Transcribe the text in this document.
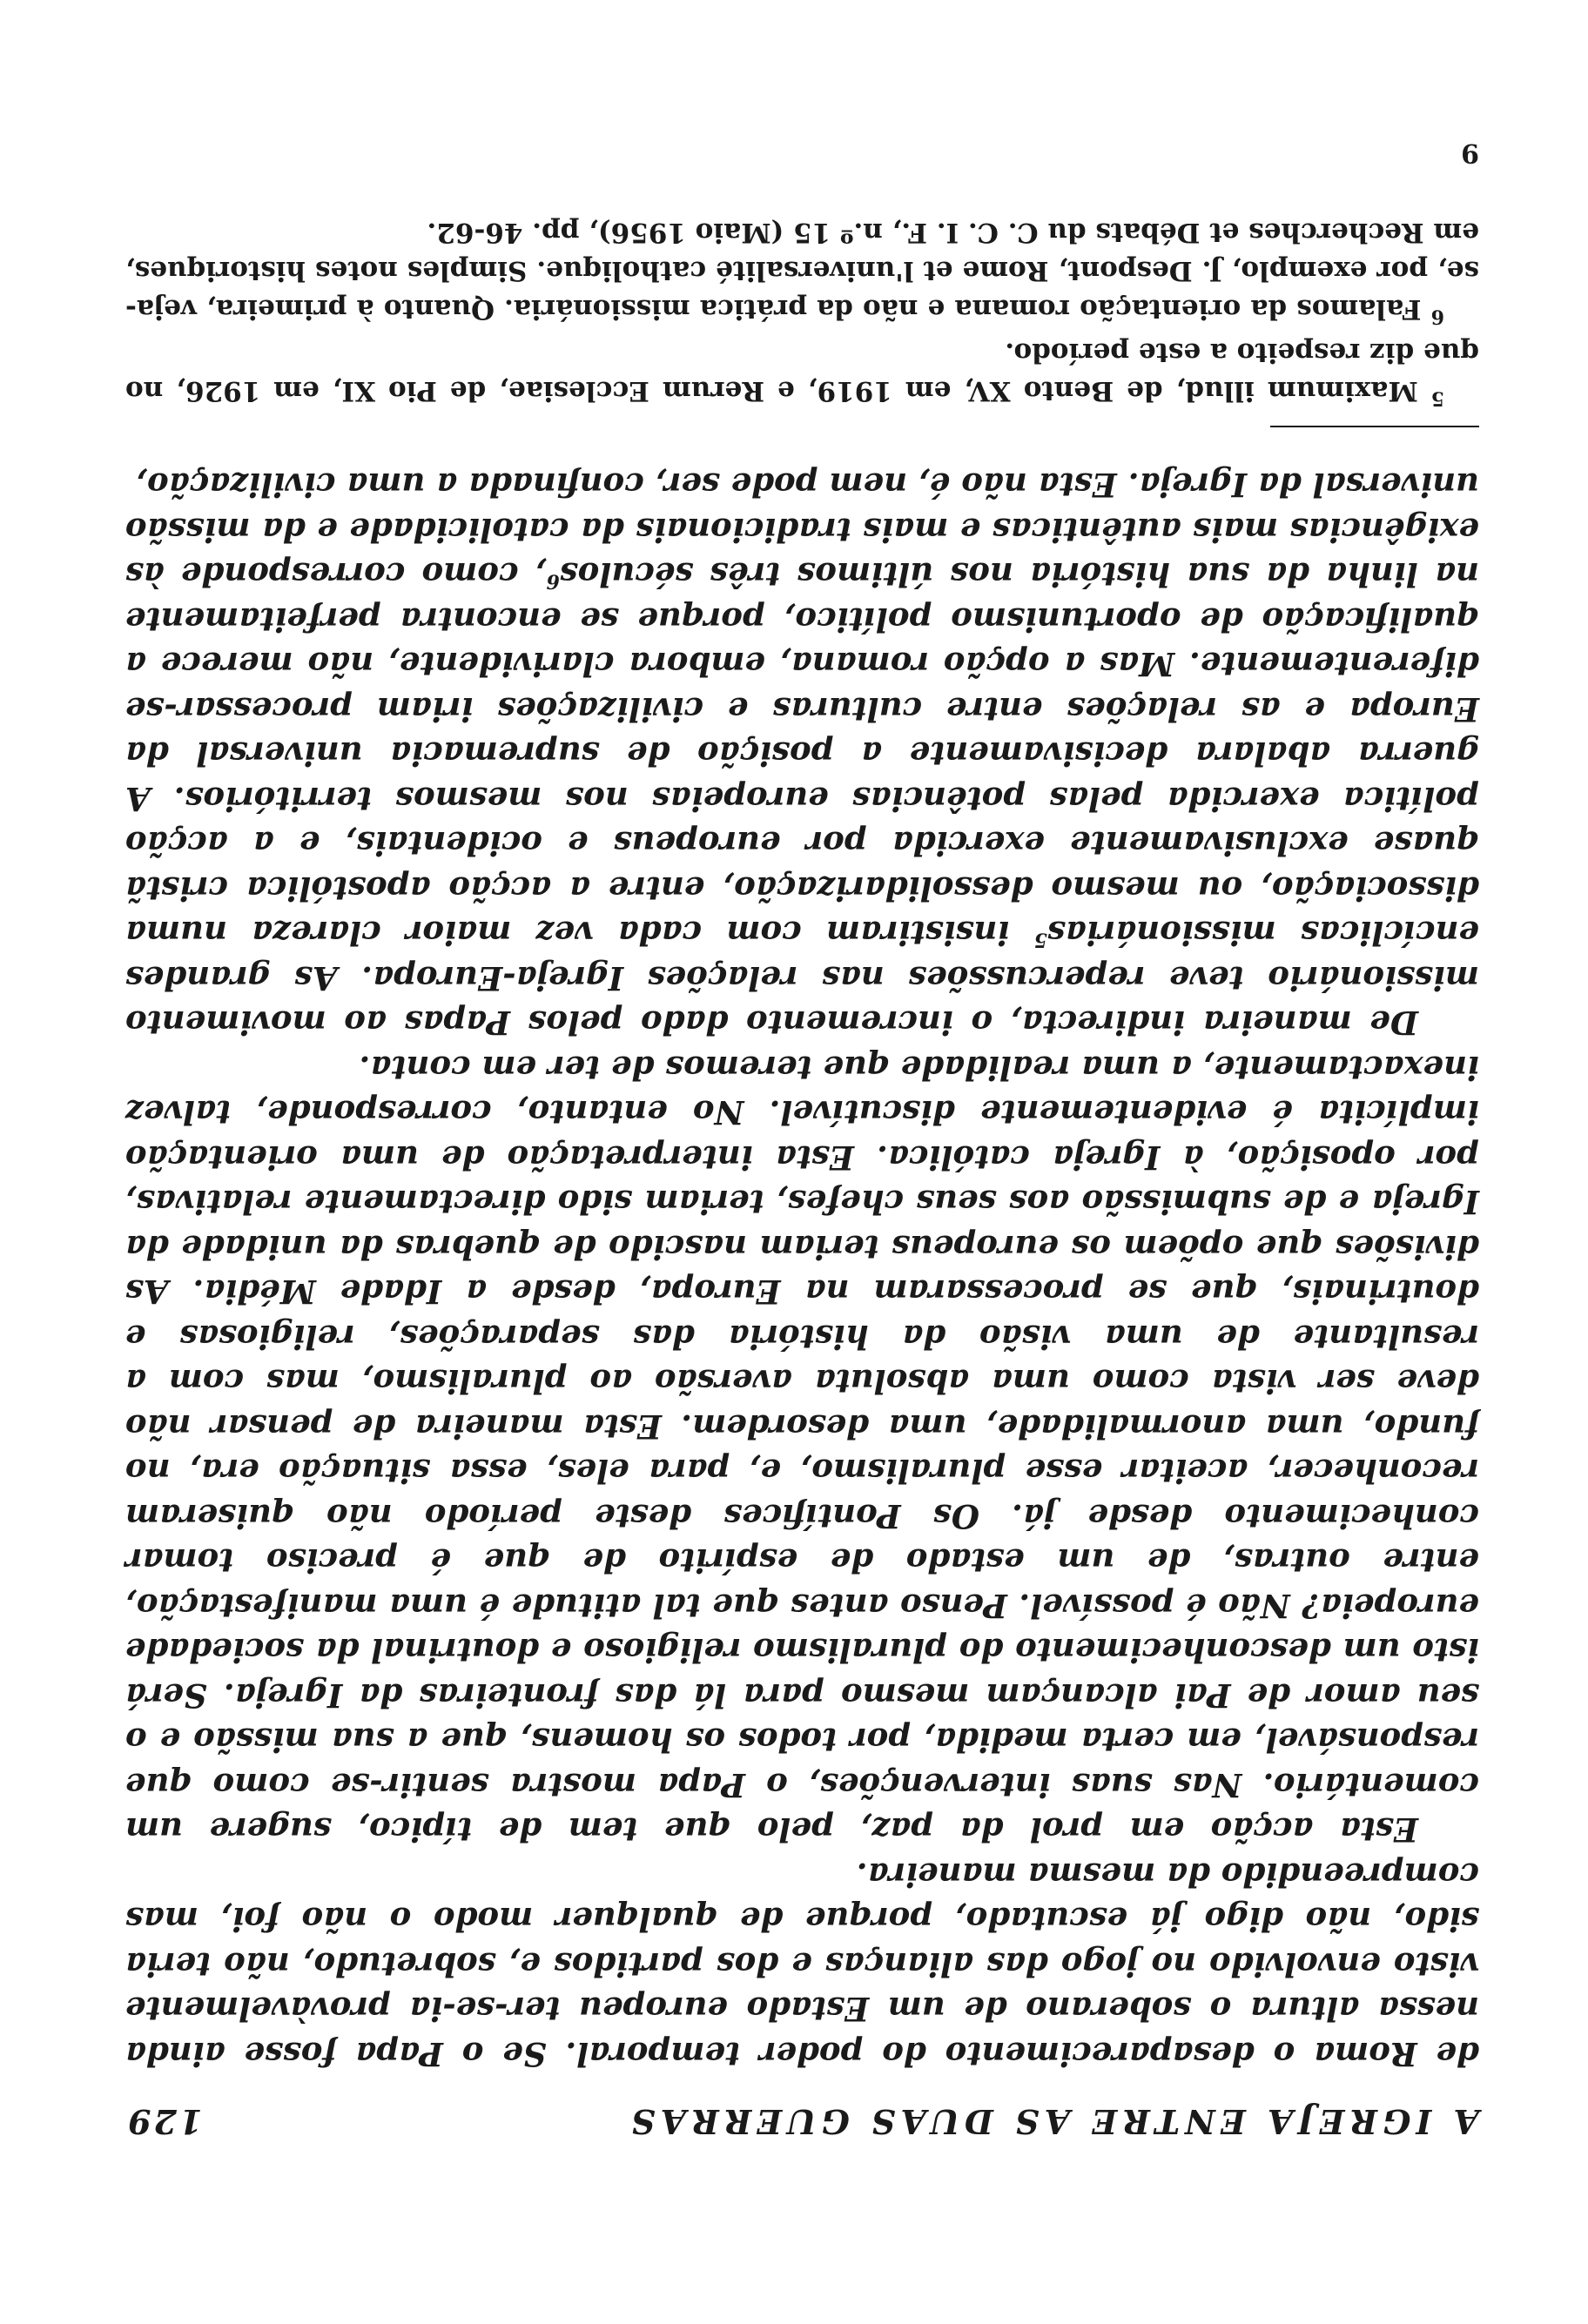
A IGREJA ENTRE AS DUAS GUERRAS
129

de Roma o desaparecimento do poder temporal. Se o Papa fosse ainda nessa altura o soberano de um Estado europeu ter-se-ia provàvelmente visto envolvido no jogo das alianças e dos partidos e, sobretudo, não teria sido, não digo já escutado, porque de qualquer modo o não foi, mas compreendido da mesma maneira.

Esta acção em prol da paz, pelo que tem de típico, sugere um comentário. Nas suas intervenções, o Papa mostra sentir-se como que responsável, em certa medida, por todos os homens, que a sua missão e o seu amor de Pai alcançam mesmo para lá das fronteiras da Igreja. Será isto um desconhecimento do pluralismo religioso e doutrinal da sociedade europeia? Não é possível. Penso antes que tal atitude é uma manifestação, entre outras, de um estado de espírito de que é preciso tomar conhecimento desde já. Os Pontífices deste período não quiseram reconhecer, aceitar esse pluralismo, e, para eles, essa situação era, no fundo, uma anormalidade, uma desordem. Esta maneira de pensar não deve ser vista como uma absoluta aversão ao pluralismo, mas com a resultante de uma visão da história das separações, religiosas e doutrinais, que se processaram na Europa, desde a Idade Média. As divisões que opõem os europeus teriam nascido de quebras da unidade da Igreja e de submissão aos seus chefes, teriam sido directamente relativas, por oposição, à Igreja católica. Esta interpretação de uma orientação implícita é evidentemente discutível. No entanto, corresponde, talvez inexactamente, a uma realidade que teremos de ter em conta.

De maneira indirecta, o incremento dado pelos Papas ao movimento missionário teve repercussões nas relações Igreja-Europa. As grandes encíclicas missionárias$^5$ insistiram com cada vez maior clareza numa dissociação, ou mesmo dessolidarização, entre a acção apostólica cristã quase exclusivamente exercida por europeus e ocidentais, e a acção política exercida pelas potências europeias nos mesmos territórios. A guerra abalara decisivamente a posição de supremacia universal da Europa e as relações entre culturas e civilizações iriam processar-se diferentemente. Mas a opção romana, embora clarividente, não merece a qualificação de oportunismo político, porque se encontra perfeitamente na linha da sua história nos últimos três séculos$^6$, como corresponde às exigências mais autênticas e mais tradicionais da catolicidade e da missão universal da Igreja. Esta não é, nem pode ser, confinada a uma civilização,

$^5$ Maximum illud, de Bento XV, em 1919, e Rerum Ecclesiae, de Pio XI, em 1926, no que diz respeito a este período.

$^6$ Falamos da orientação romana e não da prática missionária. Quanto à primeira, veja-se, por exemplo, J. Despont, Rome et l'universalité catholique. Simples notes historiques, em Recherches et Débats du C. C. I. F., n.º 15 (Maio 1956), pp. 46-62.

9
